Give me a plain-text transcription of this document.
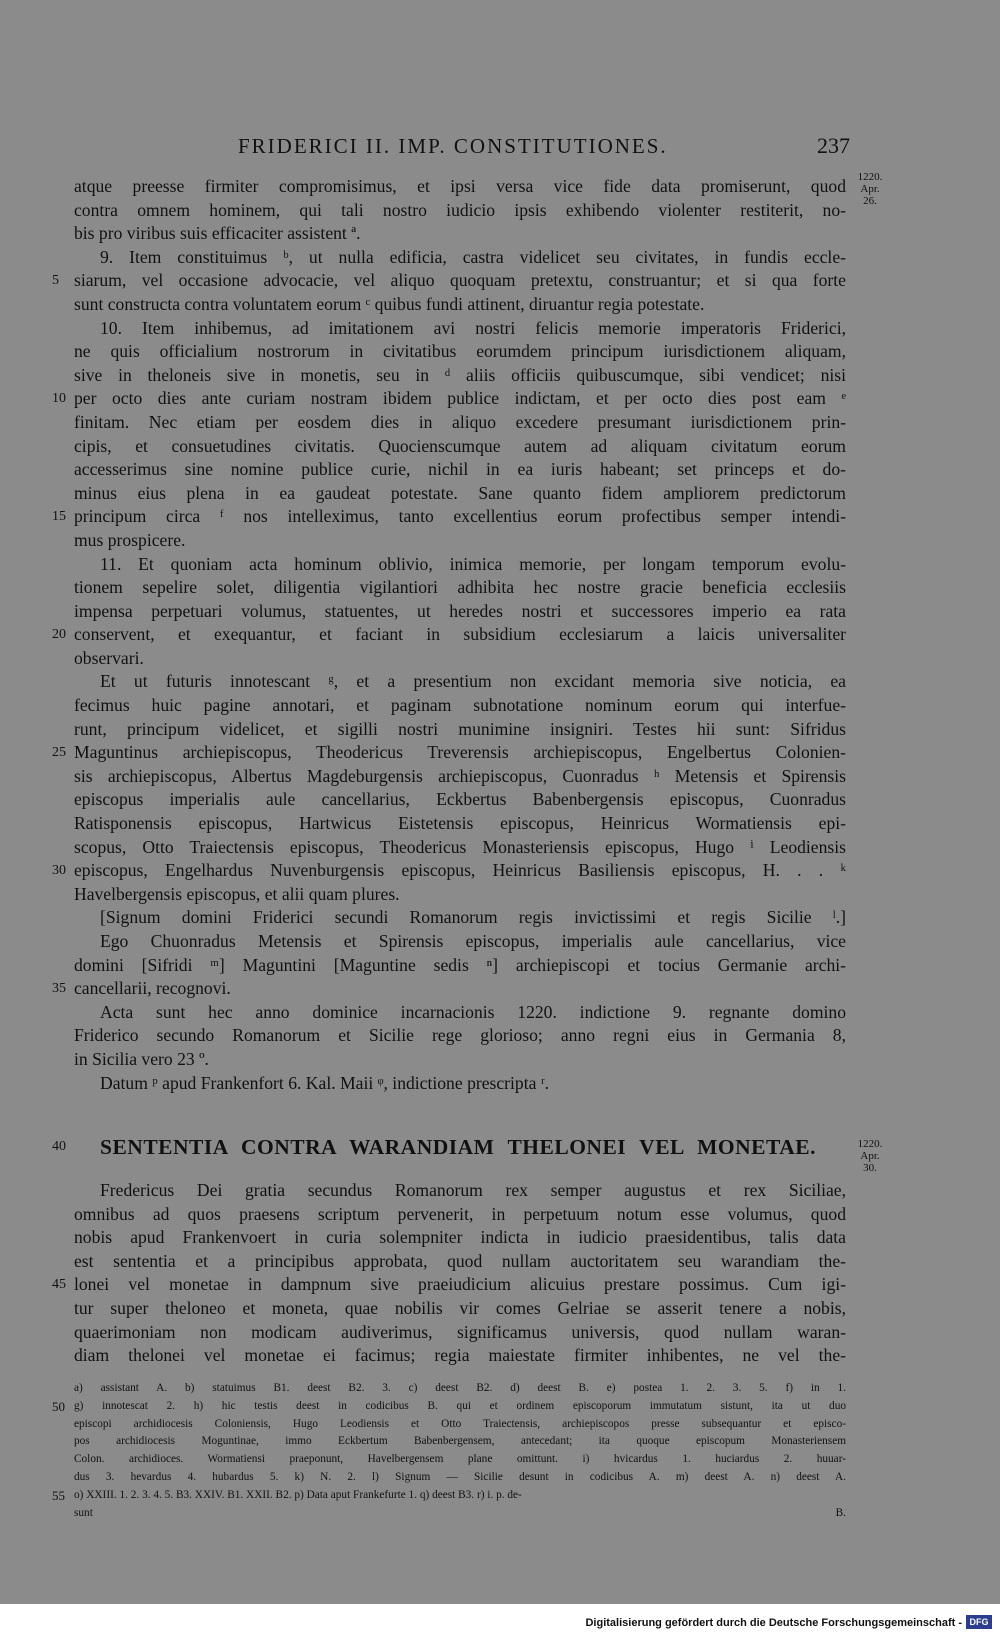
FRIDERICI II. IMP. CONSTITUTIONES.	237
1220.
Apr.
26.
atque preesse firmiter compromisimus, et ipsi versa vice fide data promiserunt, quod
contra omnem hominem, qui tali nostro iudicio ipsis exhibendo violenter restiterit, no-
bis pro viribus suis efficaciter assistent ª.
9. Item constituimus ᵇ, ut nulla edificia, castra videlicet seu civitates, in fundis eccle-
5 siarum, vel occasione advocacie, vel aliquo quoquam pretextu, construantur; et si qua forte
sunt constructa contra voluntatem eorum ᶜ quibus fundi attinent, diruantur regia potestate.
10. Item inhibemus, ad imitationem avi nostri felicis memorie imperatoris Friderici,
ne quis officialium nostrorum in civitatibus eorumdem principum iurisdictionem aliquam,
sive in theloneis sive in monetis, seu in ᵈ aliis officiis quibuscumque, sibi vendicet; nisi
10 per octo dies ante curiam nostram ibidem publice indictam, et per octo dies post eam ᵉ
finitam. Nec etiam per eosdem dies in aliquo excedere presumant iurisdictionem prin-
cipis, et consuetudines civitatis. Quocienscumque autem ad aliquam civitatum eorum
accesserimus sine nomine publice curie, nichil in ea iuris habeant; set princeps et do-
minus eius plena in ea gaudeat potestate. Sane quanto fidem ampliorem predictorum
15 principum circa ᶠ nos intelleximus, tanto excellentius eorum profectibus semper intendi-
mus prospicere.
11. Et quoniam acta hominum oblivio, inimica memorie, per longam temporum evolu-
tionem sepelire solet, diligentia vigilantiori adhibita hec nostre gracie beneficia ecclesiis
impensa perpetuari volumus, statuentes, ut heredes nostri et successores imperio ea rata
20 conservent, et exequantur, et faciant in subsidium ecclesiarum a laicis universaliter
observari.
Et ut futuris innotescant ᵍ, et a presentium non excidant memoria sive noticia, ea
fecimus huic pagine annotari, et paginam subnotatione nominum eorum qui interfue-
runt, principum videlicet, et sigilli nostri munimine insigniri. Testes hii sunt: Sifridus
25 Maguntinus archiepiscopus, Theodericus Treverensis archiepiscopus, Engelbertus Colonien-
sis archiepiscopus, Albertus Magdeburgensis archiepiscopus, Cuonradus ʰ Metensis et Spirensis
episcopus imperialis aule cancellarius, Eckbertus Babenbergensis episcopus, Cuonradus
Ratisponensis episcopus, Hartwicus Eistetensis episcopus, Heinricus Wormatiensis epi-
scopus, Otto Traiectensis episcopus, Theodericus Monasteriensis episcopus, Hugo ⁱ Leodiensis
30 episcopus, Engelhardus Nuvenburgensis episcopus, Heinricus Basiliensis episcopus, H. . . ᵏ
Havelbergensis episcopus, et alii quam plures.
[Signum domini Friderici secundi Romanorum regis invictissimi et regis Sicilie ˡ.]
Ego Chuonradus Metensis et Spirensis episcopus, imperialis aule cancellarius, vice
domini [Sifridi ᵐ] Maguntini [Maguntine sedis ⁿ] archiepiscopi et tocius Germanie archi-
35 cancellarii, recognovi.
Acta sunt hec anno dominice incarnacionis 1220. indictione 9. regnante domino
Friderico secundo Romanorum et Sicilie rege glorioso; anno regni eius in Germania 8,
in Sicilia vero 23 º.
Datum ᵖ apud Frankenfort 6. Kal. Maii ᵠ, indictione prescripta ʳ.
40 SENTENTIA CONTRA WARANDIAM THELONEI VEL MONETAE.	1220.
Apr.
30.
Fredericus Dei gratia secundus Romanorum rex semper augustus et rex Siciliae,
omnibus ad quos praesens scriptum pervenerit, in perpetuum notum esse volumus, quod
nobis apud Frankenvoert in curia solempniter indicta in iudicio praesidentibus, talis data
est sententia et a principibus approbata, quod nullam auctoritatem seu warandiam the-
45 lonei vel monetae in dampnum sive praeiudicium alicuius prestare possimus. Cum igi-
tur super theloneo et moneta, quae nobilis vir comes Gelriae se asserit tenere a nobis,
quaerimoniam non modicam audiverimus, significamus universis, quod nullam waran-
diam thelonei vel monetae ei facimus; regia maiestate firmiter inhibentes, ne vel the-
a) assistant A. b) statuimus B1. deest B2. 3. c) deest B2. d) deest B. e) postea 1. 2. 3. 5. f) in 1.
50 g) innotescat 2. h) hic testis deest in codicibus B. qui et ordinem episcoporum immutatum sistunt, ita ut duo
episcopi archidiocesis Coloniensis, Hugo Leodiensis et Otto Traiectensis, archiepiscopos presse subsequantur et episco-
pos archidiocesis Moguntinae, immo Eckbertum Babenbergensem, antecedant; ita quoque episcopum Monasteriensem
Colon. archidioces. Wormatiensi praeponunt, Havelbergensem plane omittunt. i) hvicardus 1. huciardus 2. huuar-
dus 3. hevardus 4. hubardus 5. k) N. 2. l) Signum — Sicilie desunt in codicibus A. m) deest A. n) deest A.
55 o) XXIII. 1. 2. 3. 4. 5. B3. XXIV. B1. XXII. B2. p) Data aput Frankefurte 1. q) deest B3. r) i. p. de-
sunt B.
Digitalisierung gefördert durch die Deutsche Forschungsgemeinschaft - DFG
